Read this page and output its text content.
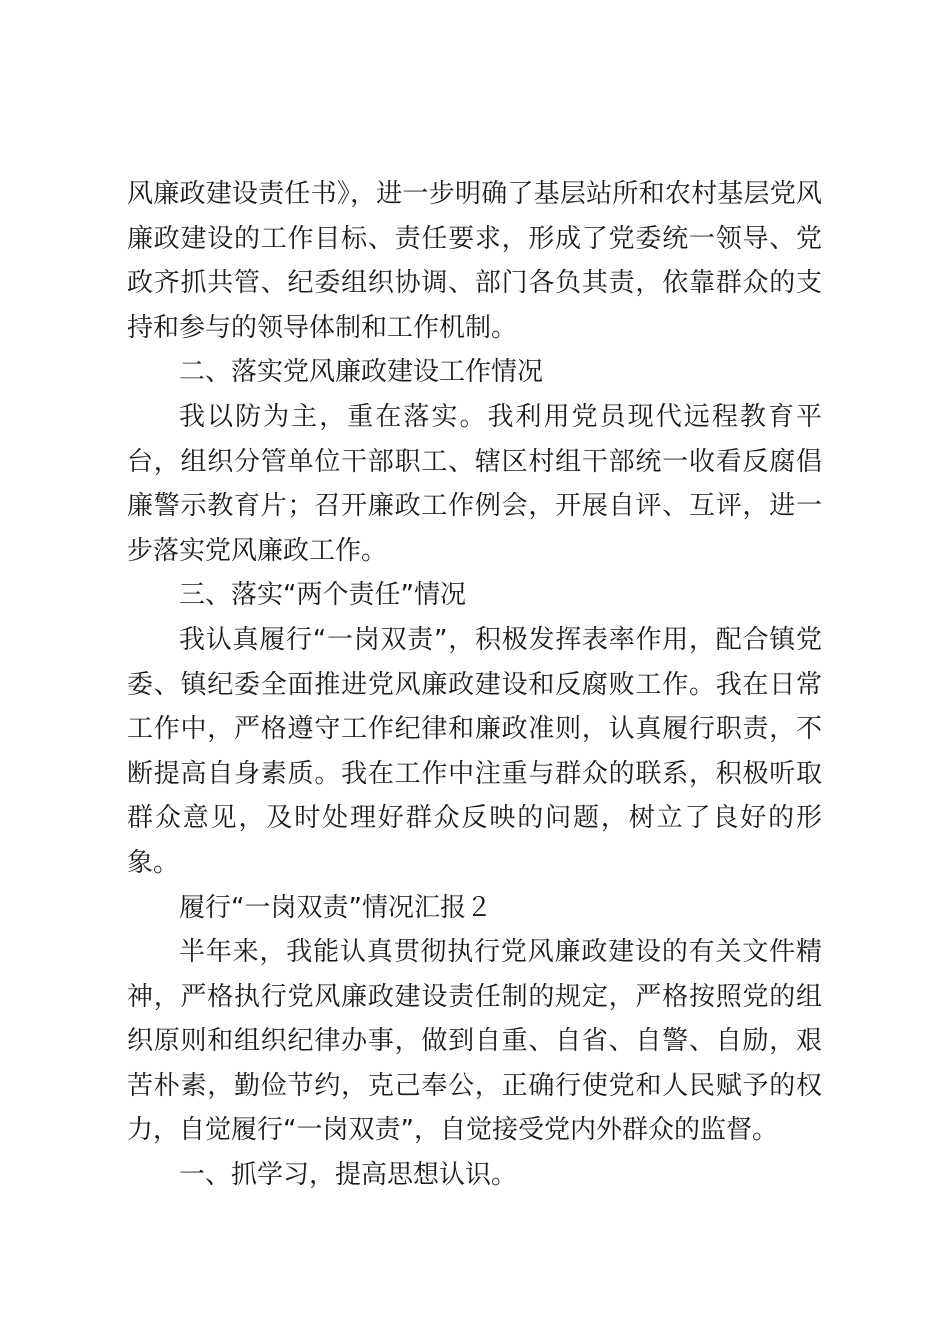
风廉政建设责任书》，进一步明确了基层站所和农村基层党风廉政建设的工作目标、责任要求，形成了党委统一领导、党政齐抓共管、纪委组织协调、部门各负其责，依靠群众的支持和参与的领导体制和工作机制。

二、落实党风廉政建设工作情况

我以防为主，重在落实。我利用党员现代远程教育平台，组织分管单位干部职工、辖区村组干部统一收看反腐倡廉警示教育片；召开廉政工作例会，开展自评、互评，进一步落实党风廉政工作。

三、落实“两个责任”情况

我认真履行“一岗双责”，积极发挥表率作用，配合镇党委、镇纪委全面推进党风廉政建设和反腐败工作。我在日常工作中，严格遵守工作纪律和廉政准则，认真履行职责，不断提高自身素质。我在工作中注重与群众的联系，积极听取群众意见，及时处理好群众反映的问题，树立了良好的形象。

履行“一岗双责”情况汇报２

半年来，我能认真贯彻执行党风廉政建设的有关文件精神，严格执行党风廉政建设责任制的规定，严格按照党的组织原则和组织纪律办事，做到自重、自省、自警、自励，艰苦朴素，勤俭节约，克己奉公，正确行使党和人民赋予的权力，自觉履行“一岗双责”，自觉接受党内外群众的监督。

一、抓学习，提高思想认识。
